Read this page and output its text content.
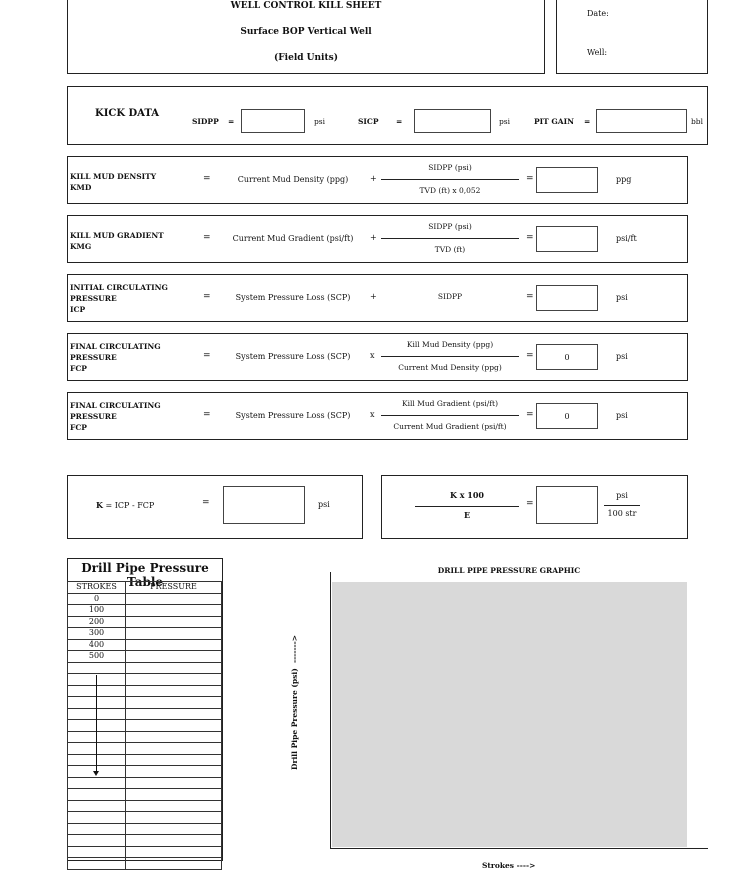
WELL CONTROL KILL SHEET
Surface BOP Vertical Well
(Field Units)
Date:
Well:
KICK DATA
SIDPP =	psi	SICP =	psi	PIT GAIN =	bbl
KILL MUD DENSITY
KMD
=	Current Mud Density (ppg)	+
SIDPP (psi)
TVD (ft) x 0,052
=	ppg
KILL MUD GRADIENT
KMG
=	Current Mud Gradient (psi/ft)	+
SIDPP (psi)
TVD (ft)
=	psi/ft
INITIAL CIRCULATING
PRESSURE
ICP
=	System Pressure Loss (SCP)	+	SIDPP	=	psi
FINAL CIRCULATING
PRESSURE
FCP
=	System Pressure Loss (SCP)	x
Kill Mud Density (ppg)
Current Mud Density (ppg)
=	0	psi
FINAL CIRCULATING
PRESSURE
FCP
=	System Pressure Loss (SCP)	x
Kill Mud Gradient (psi/ft)
Current Mud Gradient (psi/ft)
=	0	psi
K = ICP - FCP	=	psi
K x 100
E
=
psi
100 str
Drill Pipe Pressure Table
STROKES	PRESSURE
0	
100	
200	
300	
400	
500	

DRILL PIPE PRESSURE GRAPHIC
Drill Pipe Pressure (psi)  ------->
Strokes ---->
